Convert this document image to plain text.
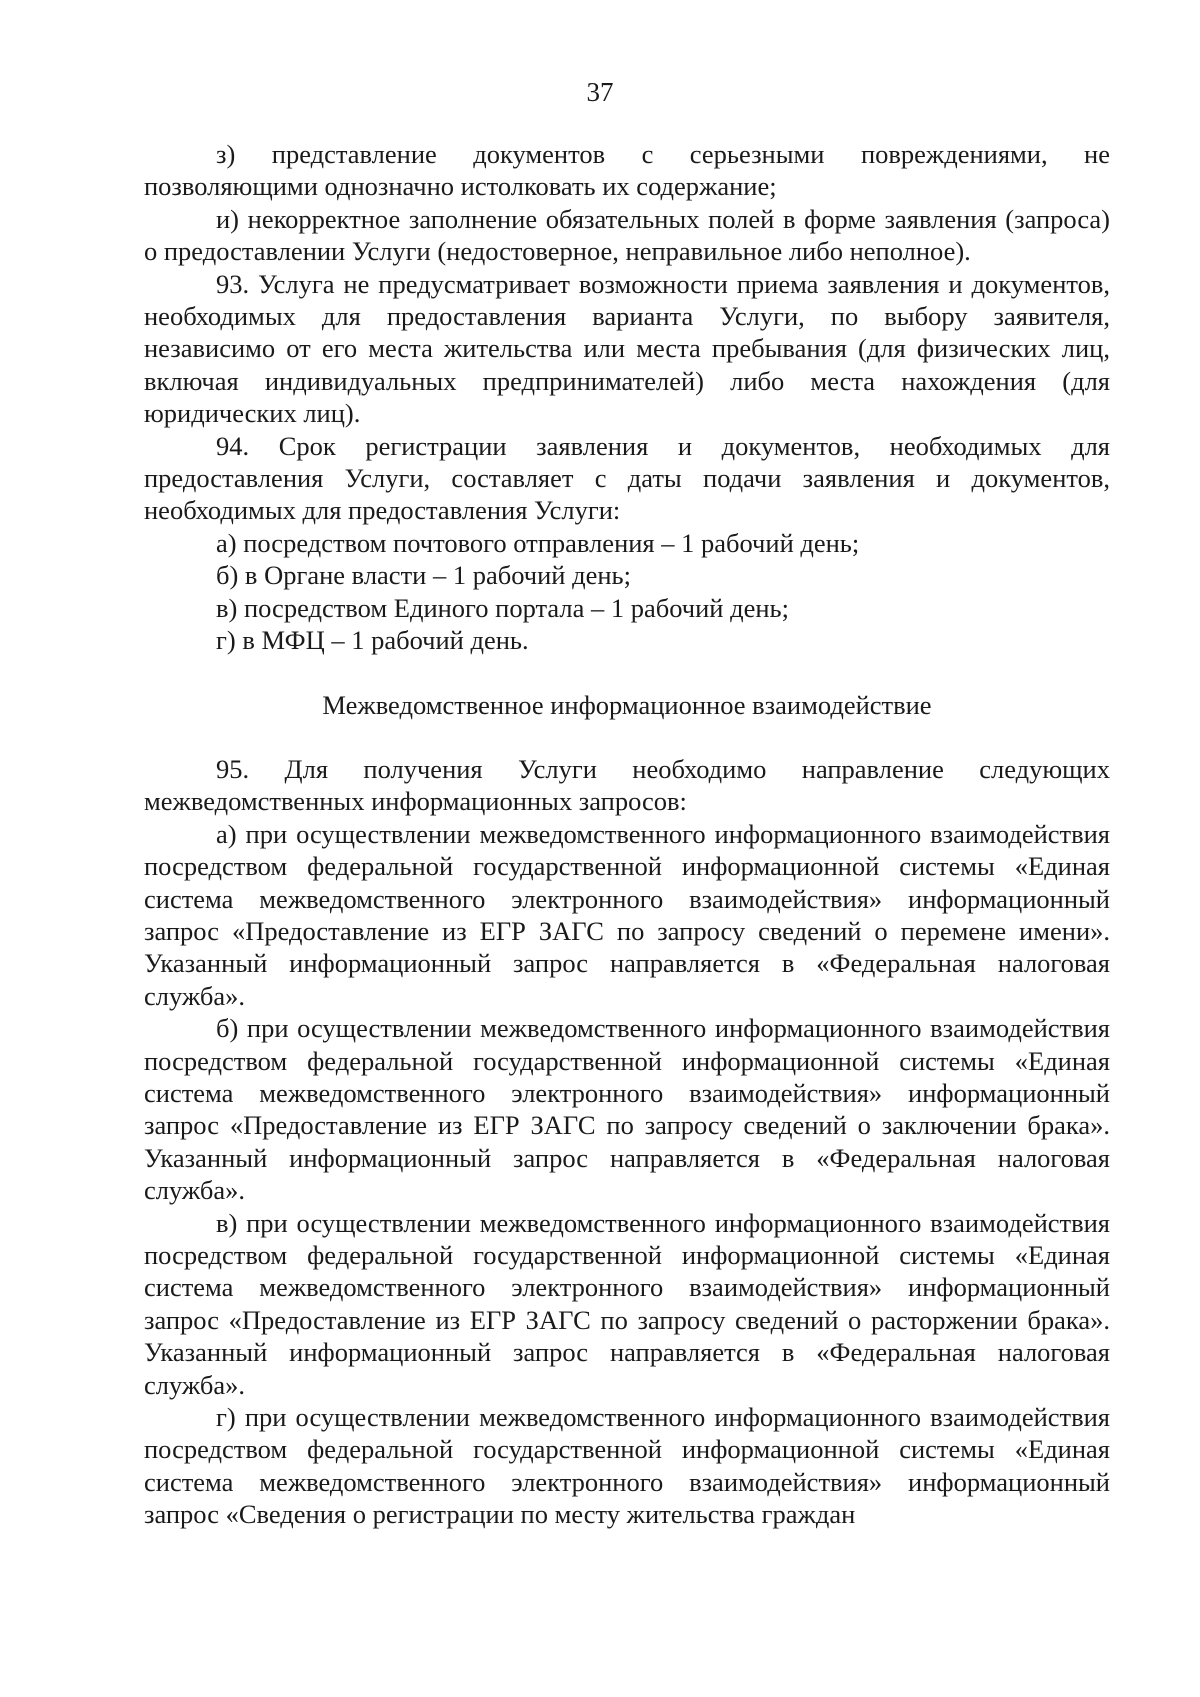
37

з) представление документов с серьезными повреждениями, не позволяющими однозначно истолковать их содержание;

и) некорректное заполнение обязательных полей в форме заявления (запроса) о предоставлении Услуги (недостоверное, неправильное либо неполное).

93. Услуга не предусматривает возможности приема заявления и документов, необходимых для предоставления варианта Услуги, по выбору заявителя, независимо от его места жительства или места пребывания (для физических лиц, включая индивидуальных предпринимателей) либо места нахождения (для юридических лиц).

94. Срок регистрации заявления и документов, необходимых для предоставления Услуги, составляет с даты подачи заявления и документов, необходимых для предоставления Услуги:

а) посредством почтового отправления – 1 рабочий день;

б) в Органе власти – 1 рабочий день;

в) посредством Единого портала – 1 рабочий день;

г) в МФЦ – 1 рабочий день.

Межведомственное информационное взаимодействие

95. Для получения Услуги необходимо направление следующих межведомственных информационных запросов:

а) при осуществлении межведомственного информационного взаимодействия посредством федеральной государственной информационной системы «Единая система межведомственного электронного взаимодействия» информационный запрос «Предоставление из ЕГР ЗАГС по запросу сведений о перемене имени». Указанный информационный запрос направляется в «Федеральная налоговая служба».

б) при осуществлении межведомственного информационного взаимодействия посредством федеральной государственной информационной системы «Единая система межведомственного электронного взаимодействия» информационный запрос «Предоставление из ЕГР ЗАГС по запросу сведений о заключении брака». Указанный информационный запрос направляется в «Федеральная налоговая служба».

в) при осуществлении межведомственного информационного взаимодействия посредством федеральной государственной информационной системы «Единая система межведомственного электронного взаимодействия» информационный запрос «Предоставление из ЕГР ЗАГС по запросу сведений о расторжении брака». Указанный информационный запрос направляется в «Федеральная налоговая служба».

г) при осуществлении межведомственного информационного взаимодействия посредством федеральной государственной информационной системы «Единая система межведомственного электронного взаимодействия» информационный запрос «Сведения о регистрации по месту жительства граждан
